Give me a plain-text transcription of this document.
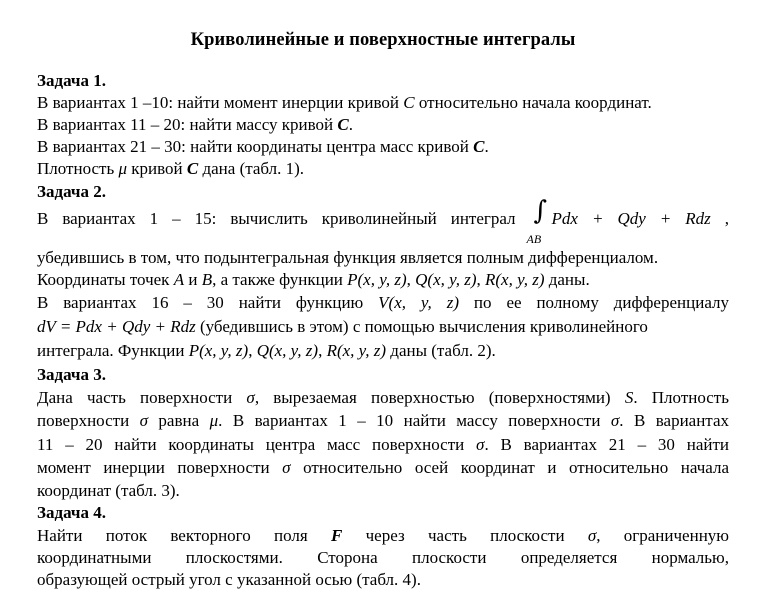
Криволинейные и поверхностные интегралы
Задача 1.
В вариантах 1 –10: найти момент инерции кривой C относительно начала координат.
В вариантах 11 – 20: найти массу кривой C.
В вариантах 21 – 30: найти координаты центра масс кривой C.
Плотность μ кривой C дана (табл. 1).
Задача 2.
В вариантах 1 – 15: вычислить криволинейный интеграл ∫
AB
Pdx + Qdy + Rdz ,
убедившись в том, что подынтегральная функция является полным дифференциалом.
Координаты точек A и B, а также функции P(x, y, z), Q(x, y, z), R(x, y, z) даны.
В вариантах 16 – 30 найти функцию V(x, y, z) по ее полному дифференциалу
dV = Pdx + Qdy + Rdz (убедившись в этом) с помощью вычисления криволинейного
интеграла. Функции P(x, y, z), Q(x, y, z), R(x, y, z) даны (табл. 2).
Задача 3.
Дана часть поверхности σ, вырезаемая поверхностью (поверхностями) S. Плотность
поверхности σ равна μ. В вариантах 1 – 10 найти массу поверхности σ. В вариантах
11 – 20 найти координаты центра масс поверхности σ. В вариантах 21 – 30 найти
момент инерции поверхности σ относительно осей координат и относительно начала
координат (табл. 3).
Задача 4.
Найти поток векторного поля F через часть плоскости σ, ограниченную
координатными плоскостями. Сторона плоскости определяется нормалью,
образующей острый угол с указанной осью (табл. 4).
